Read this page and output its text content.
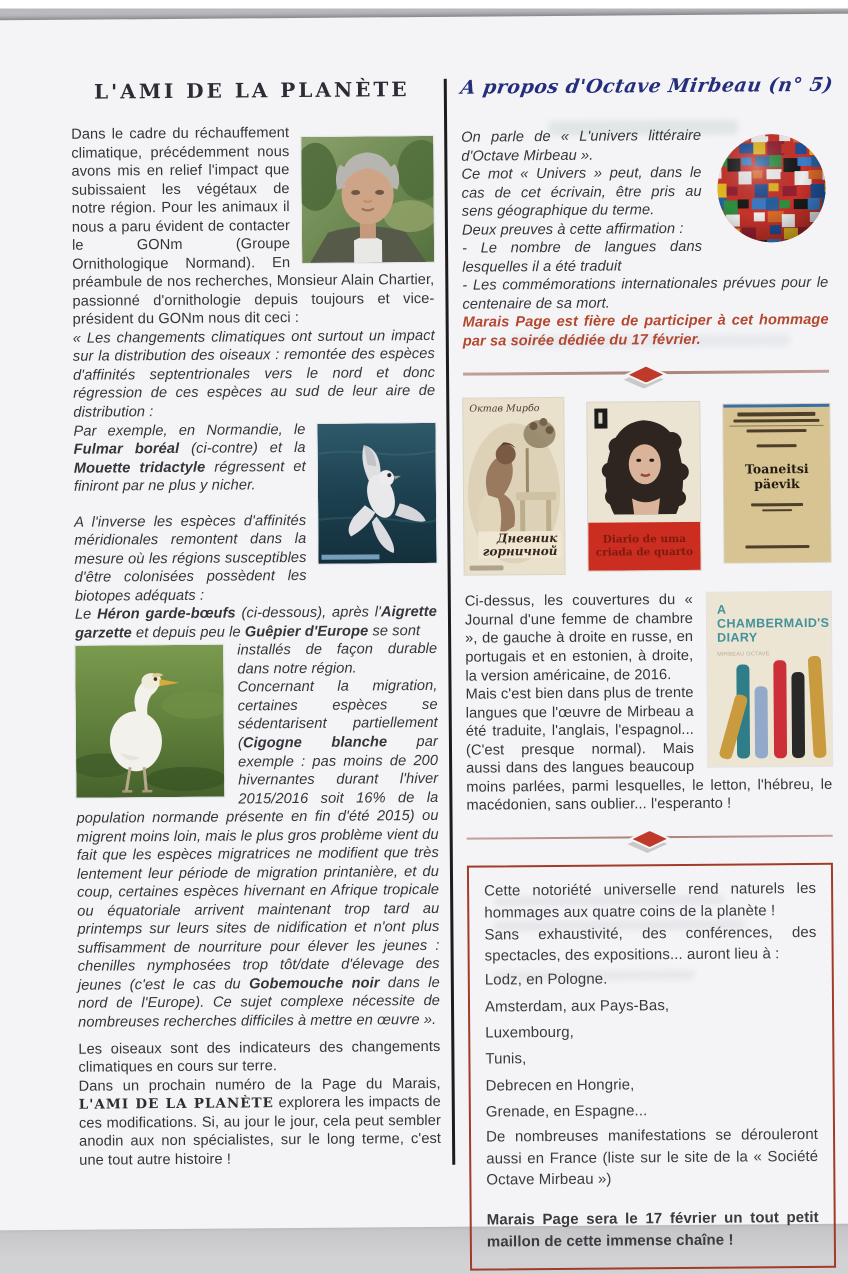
L'AMI DE LA PLANÈTE

Dans le cadre du réchauffement climatique, précédemment nous avons mis en relief l'impact que subissaient les végétaux de notre région. Pour les animaux il nous a paru évident de contacter le GONm (Groupe Ornithologique Normand). En préambule de nos recherches, Monsieur Alain Chartier, passionné d'ornithologie depuis toujours et vice-président du GONm nous dit ceci :

« Les changements climatiques ont surtout un impact sur la distribution des oiseaux : remontée des espèces d'affinités septentrionales vers le nord et donc régression de ces espèces au sud de leur aire de distribution :

Par exemple, en Normandie, le Fulmar boréal (ci-contre) et la Mouette tridactyle régressent et finiront par ne plus y nicher.

A l'inverse les espèces d'affinités méridionales remontent dans la mesure où les régions susceptibles d'être colonisées possèdent les biotopes adéquats :

Le Héron garde-bœufs (ci-dessous), après l'Aigrette garzette et depuis peu le Guêpier d'Europe se sont

installés de façon durable dans notre région.

Concernant la migration, certaines espèces se sédentarisent partiellement (Cigogne blanche par exemple : pas moins de 200 hivernantes durant l'hiver 2015/2016 soit 16% de la population normande présente en fin d'été 2015) ou migrent moins loin, mais le plus gros problème vient du fait que les espèces migratrices ne modifient que très lentement leur période de migration printanière, et du coup, certaines espèces hivernant en Afrique tropicale ou équatoriale arrivent maintenant trop tard au printemps sur leurs sites de nidification et n'ont plus suffisamment de nourriture pour élever les jeunes : chenilles nymphosées trop tôt/date d'élevage des jeunes (c'est le cas du Gobemouche noir dans le nord de l'Europe). Ce sujet complexe nécessite de nombreuses recherches difficiles à mettre en œuvre ».

Les oiseaux sont des indicateurs des changements climatiques en cours sur terre.

Dans un prochain numéro de la Page du Marais, L'AMI DE LA PLANÈTE explorera les impacts de ces modifications. Si, au jour le jour, cela peut sembler anodin aux non spécialistes, sur le long terme, c'est une tout autre histoire !

A propos d'Octave Mirbeau (n° 5)

On parle de « L'univers littéraire d'Octave Mirbeau ».

Ce mot « Univers » peut, dans le cas de cet écrivain, être pris au sens géographique du terme.

Deux preuves à cette affirmation :

- Le nombre de langues dans lesquelles il a été traduit

- Les commémorations internationales prévues pour le centenaire de sa mort.

Marais Page est fière de participer à cet hommage par sa soirée dédiée du 17 février.

Октав Мирбо
Дневник
горничной
Diario de uma
criada de quarto
Toaneitsi päevik
A
CHAMBERMAID'S
DIARY
MIRBEAU OCTAVE

Ci-dessus, les couvertures du « Journal d'une femme de chambre », de gauche à droite en russe, en portugais et en estonien, à droite, la version américaine, de 2016.

Mais c'est bien dans plus de trente langues que l'œuvre de Mirbeau a été traduite, l'anglais, l'espagnol... (C'est presque normal). Mais aussi dans des langues beaucoup moins parlées, parmi lesquelles, le letton, l'hébreu, le macédonien, sans oublier... l'esperanto !

Cette notoriété universelle rend naturels les hommages aux quatre coins de la planète !

Sans exhaustivité, des conférences, des spectacles, des expositions... auront lieu à :

Lodz, en Pologne.

Amsterdam, aux Pays-Bas,

Luxembourg,

Tunis,

Debrecen en Hongrie,

Grenade, en Espagne...

De nombreuses manifestations se dérouleront aussi en France (liste sur le site de la « Société Octave Mirbeau »)

Marais Page sera le 17 février un tout petit maillon de cette immense chaîne !
